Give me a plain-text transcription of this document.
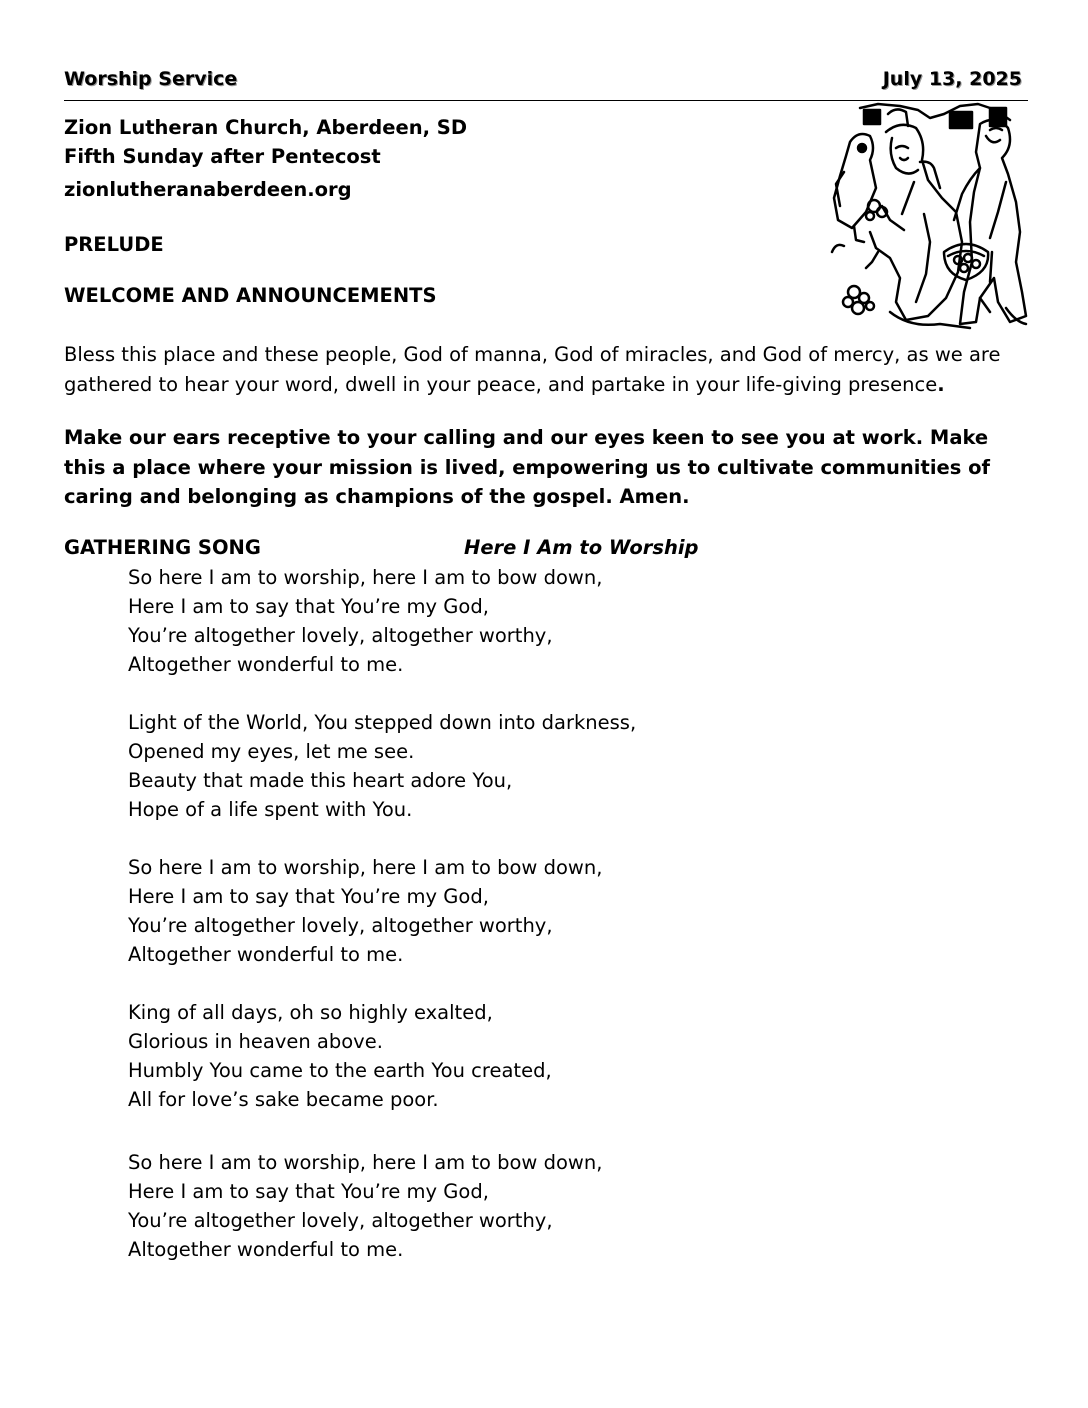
Worship Service	July 13, 2025
Zion Lutheran Church, Aberdeen, SD
Fifth Sunday after Pentecost
zionlutheranaberdeen.org
PRELUDE
WELCOME AND ANNOUNCEMENTS

Bless this place and these people, God of manna, God of miracles, and God of mercy, as we are gathered to hear your word, dwell in your peace, and partake in your life-giving presence.

Make our ears receptive to your calling and our eyes keen to see you at work. Make this a place where your mission is lived, empowering us to cultivate communities of caring and belonging as champions of the gospel. Amen.

GATHERING SONG	Here I Am to Worship
So here I am to worship, here I am to bow down,
Here I am to say that You’re my God,
You’re altogether lovely, altogether worthy,
Altogether wonderful to me.
Light of the World, You stepped down into darkness,
Opened my eyes, let me see.
Beauty that made this heart adore You,
Hope of a life spent with You.
So here I am to worship, here I am to bow down,
Here I am to say that You’re my God,
You’re altogether lovely, altogether worthy,
Altogether wonderful to me.
King of all days, oh so highly exalted,
Glorious in heaven above.
Humbly You came to the earth You created,
All for love’s sake became poor.
So here I am to worship, here I am to bow down,
Here I am to say that You’re my God,
You’re altogether lovely, altogether worthy,
Altogether wonderful to me.
